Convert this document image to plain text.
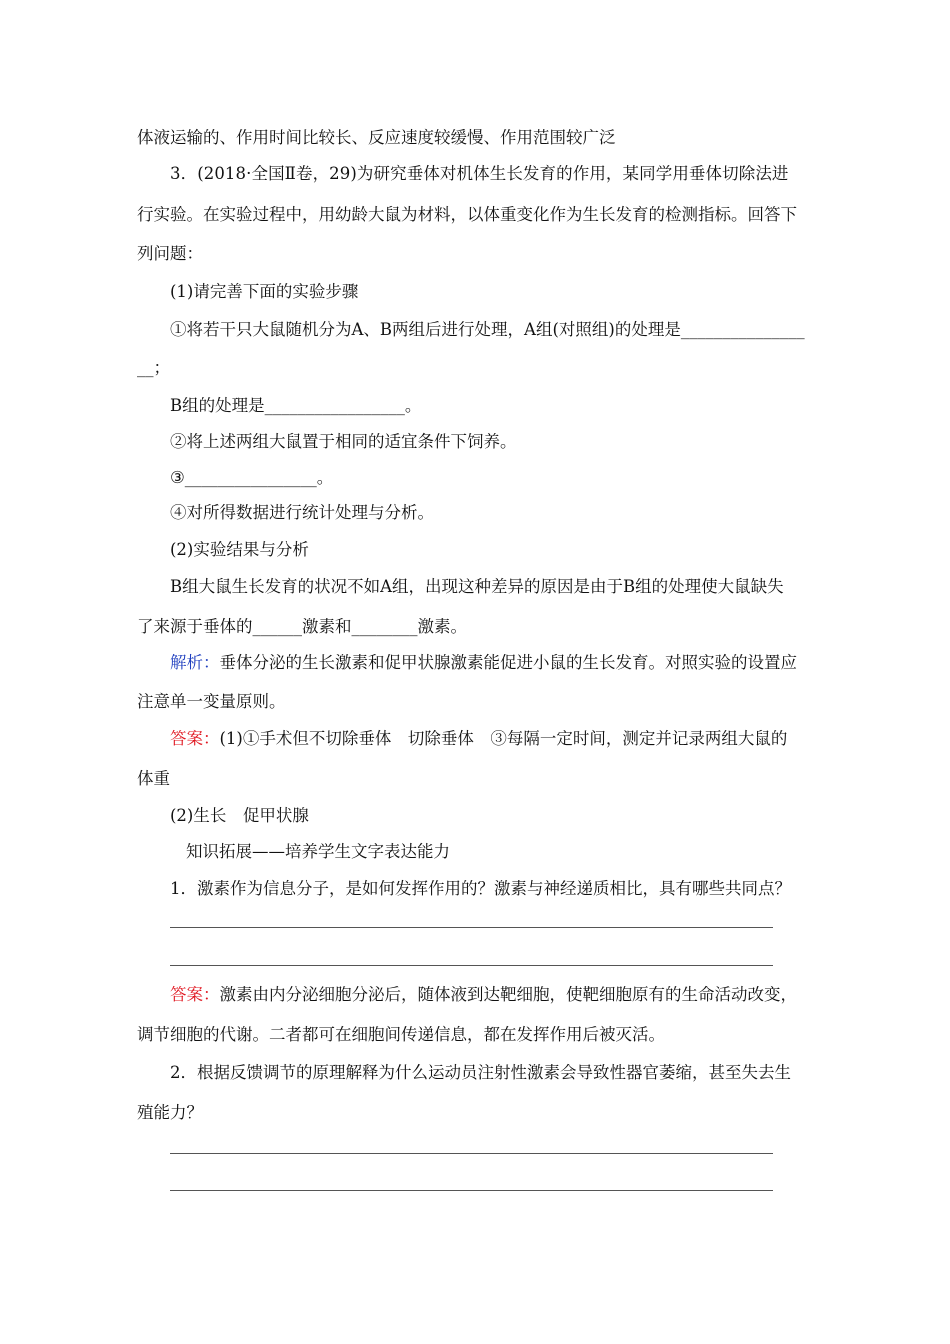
体液运输的、作用时间比较长、反应速度较缓慢、作用范围较广泛
3．(2018·全国Ⅱ卷，29)为研究垂体对机体生长发育的作用，某同学用垂体切除法进
行实验。在实验过程中，用幼龄大鼠为材料，以体重变化作为生长发育的检测指标。回答下
列问题：
(1)请完善下面的实验步骤
①将若干只大鼠随机分为A、B两组后进行处理，A组(对照组)的处理是_______________
__；
B组的处理是_________________。
②将上述两组大鼠置于相同的适宜条件下饲养。
③________________。
④对所得数据进行统计处理与分析。
(2)实验结果与分析
B组大鼠生长发育的状况不如A组，出现这种差异的原因是由于B组的处理使大鼠缺失
了来源于垂体的______激素和________激素。
解析：垂体分泌的生长激素和促甲状腺激素能促进小鼠的生长发育。对照实验的设置应
注意单一变量原则。
答案：(1)①手术但不切除垂体　切除垂体　③每隔一定时间，测定并记录两组大鼠的
体重
(2)生长　促甲状腺
知识拓展——培养学生文字表达能力
1．激素作为信息分子，是如何发挥作用的？激素与神经递质相比，具有哪些共同点？
答案：激素由内分泌细胞分泌后，随体液到达靶细胞，使靶细胞原有的生命活动改变，
调节细胞的代谢。二者都可在细胞间传递信息，都在发挥作用后被灭活。
2．根据反馈调节的原理解释为什么运动员注射性激素会导致性器官萎缩，甚至失去生
殖能力？
